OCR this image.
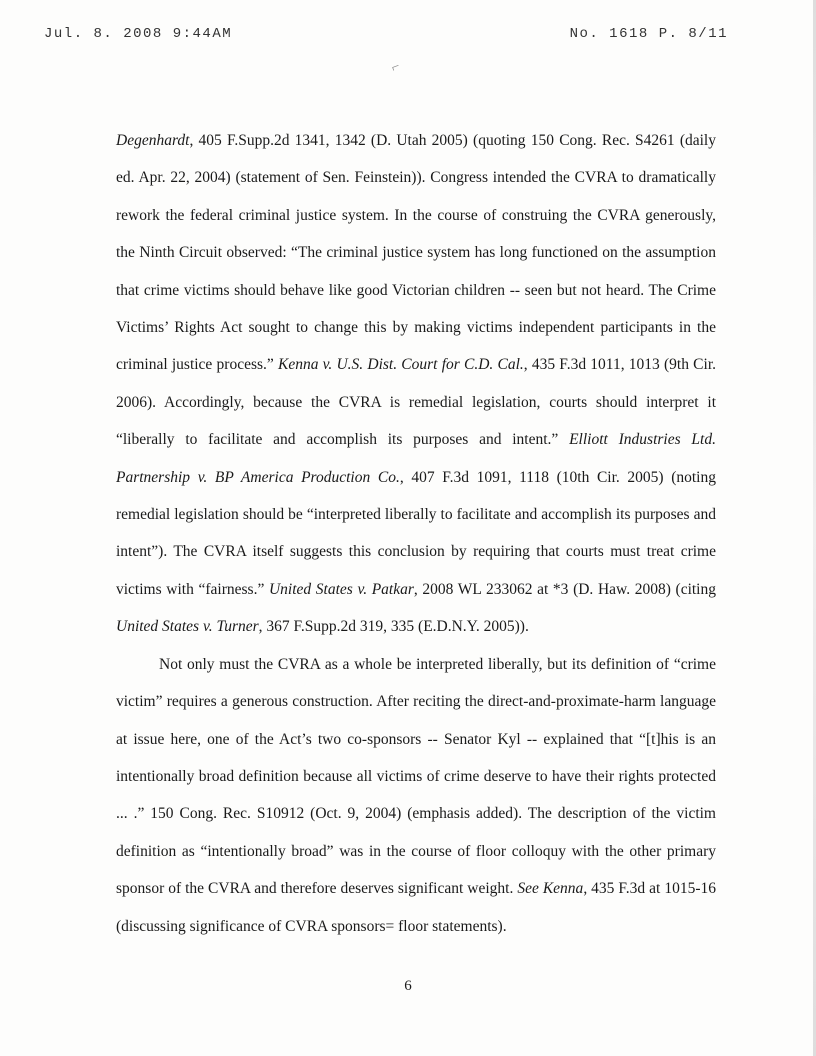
Jul. 8. 2008 9:44AM	No. 1618 P. 8/11
⌐

Degenhardt, 405 F.Supp.2d 1341, 1342 (D. Utah 2005) (quoting 150 Cong. Rec. S4261 (daily ed. Apr. 22, 2004) (statement of Sen. Feinstein)). Congress intended the CVRA to dramatically rework the federal criminal justice system. In the course of construing the CVRA generously, the Ninth Circuit observed: “The criminal justice system has long functioned on the assumption that crime victims should behave like good Victorian children -- seen but not heard. The Crime Victims’ Rights Act sought to change this by making victims independent participants in the criminal justice process.” Kenna v. U.S. Dist. Court for C.D. Cal., 435 F.3d 1011, 1013 (9th Cir. 2006). Accordingly, because the CVRA is remedial legislation, courts should interpret it “liberally to facilitate and accomplish its purposes and intent.” Elliott Industries Ltd. Partnership v. BP America Production Co., 407 F.3d 1091, 1118 (10th Cir. 2005) (noting remedial legislation should be “interpreted liberally to facilitate and accomplish its purposes and intent”). The CVRA itself suggests this conclusion by requiring that courts must treat crime victims with “fairness.” United States v. Patkar, 2008 WL 233062 at *3 (D. Haw. 2008) (citing United States v. Turner, 367 F.Supp.2d 319, 335 (E.D.N.Y. 2005)).

Not only must the CVRA as a whole be interpreted liberally, but its definition of “crime victim” requires a generous construction. After reciting the direct-and-proximate-harm language at issue here, one of the Act’s two co-sponsors -- Senator Kyl -- explained that “[t]his is an intentionally broad definition because all victims of crime deserve to have their rights protected ... .” 150 Cong. Rec. S10912 (Oct. 9, 2004) (emphasis added). The description of the victim definition as “intentionally broad” was in the course of floor colloquy with the other primary sponsor of the CVRA and therefore deserves significant weight. See Kenna, 435 F.3d at 1015-16 (discussing significance of CVRA sponsors= floor statements).

6
